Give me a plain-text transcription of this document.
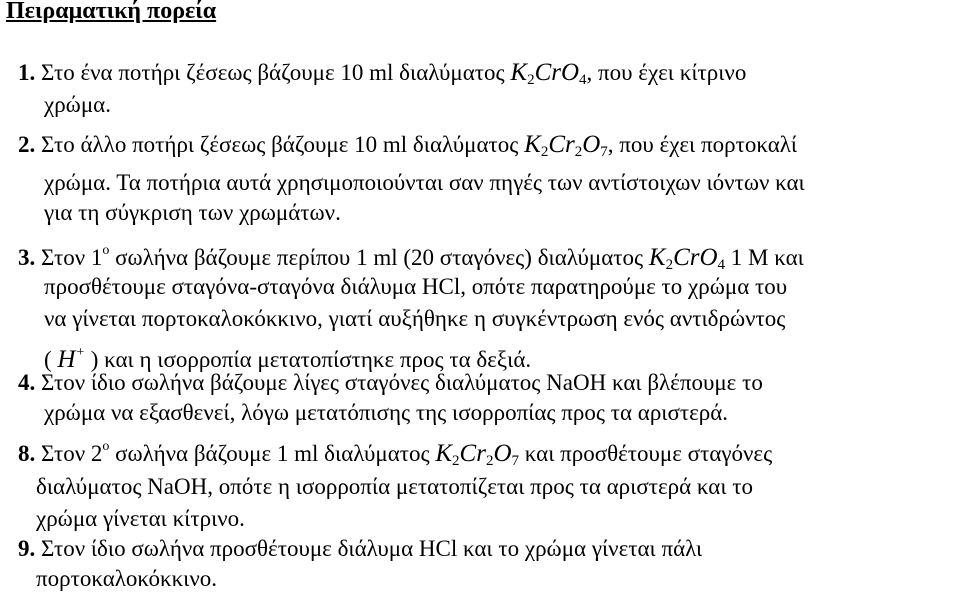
Πειραματική πορεία
1. Στο ένα ποτήρι ζέσεως βάζουμε 10 ml διαλύματος $K_2CrO_4$, που έχει κίτρινο
χρώμα.
2. Στο άλλο ποτήρι ζέσεως βάζουμε 10 ml διαλύματος $K_2Cr_2O_7$, που έχει πορτοκαλί
χρώμα. Τα ποτήρια αυτά χρησιμοποιούνται σαν πηγές των αντίστοιχων ιόντων και
για τη σύγκριση των χρωμάτων.
3. Στον $1^o$ σωλήνα βάζουμε περίπου 1 ml (20 σταγόνες) διαλύματος $K_2CrO_4$ 1 M και
προσθέτουμε σταγόνα-σταγόνα διάλυμα HCl, οπότε παρατηρούμε το χρώμα του
να γίνεται πορτοκαλοκόκκινο, γιατί αυξήθηκε η συγκέντρωση ενός αντιδρώντος
( H+ ) και η ισορροπία μετατοπίστηκε προς τα δεξιά.
4. Στον ίδιο σωλήνα βάζουμε λίγες σταγόνες διαλύματος NaOH και βλέπουμε το
χρώμα να εξασθενεί, λόγω μετατόπισης της ισορροπίας προς τα αριστερά.
8. Στον $2^o$ σωλήνα βάζουμε 1 ml διαλύματος $K_2Cr_2O_7$ και προσθέτουμε σταγόνες
διαλύματος NaOH, οπότε η ισορροπία μετατοπίζεται προς τα αριστερά και το
χρώμα γίνεται κίτρινο.
9. Στον ίδιο σωλήνα προσθέτουμε διάλυμα HCl και το χρώμα γίνεται πάλι
πορτοκαλοκόκκινο.
